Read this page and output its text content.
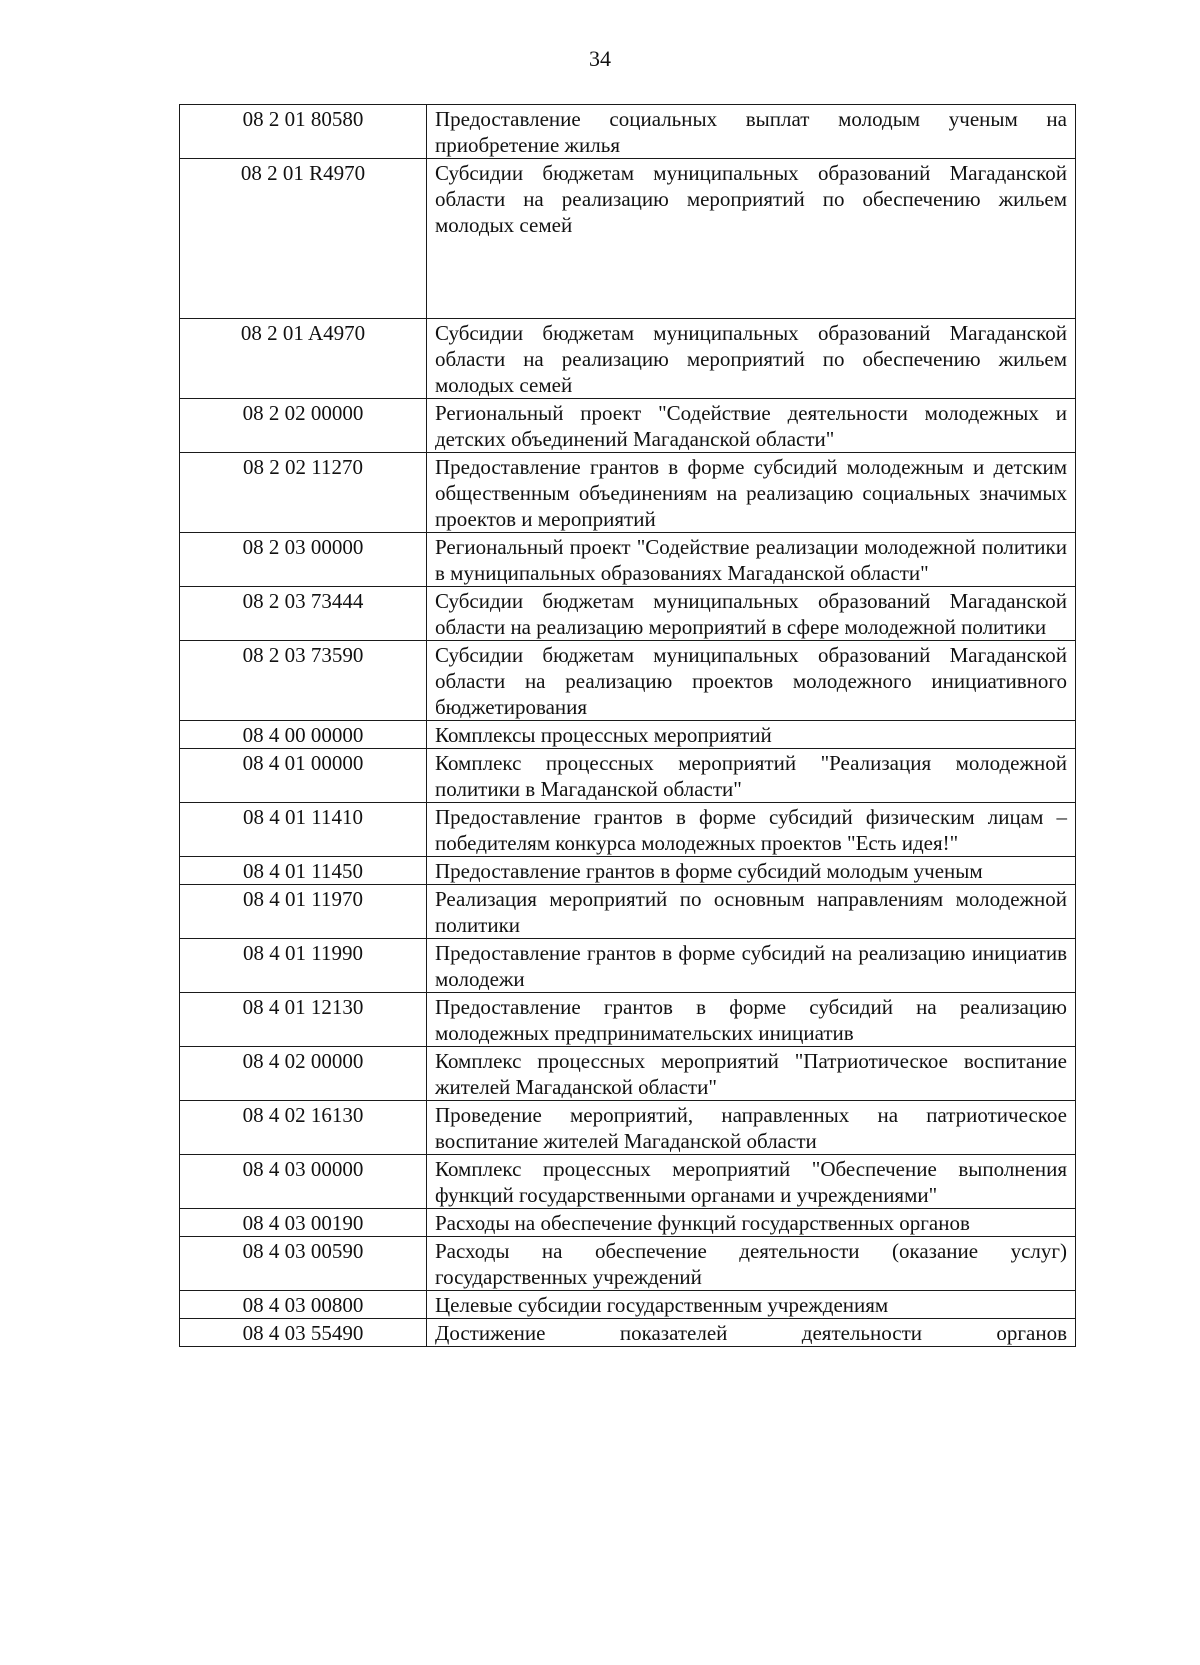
34
08 2 01 80580	Предоставление социальных выплат молодым ученым на приобретение жилья
08 2 01 R4970	Субсидии бюджетам муниципальных образований Магаданской области на реализацию мероприятий по обеспечению жильем молодых семей
08 2 01 A4970	Субсидии бюджетам муниципальных образований Магаданской области на реализацию мероприятий по обеспечению жильем молодых семей
08 2 02 00000	Региональный проект "Содействие деятельности молодежных и детских объединений Магаданской области"
08 2 02 11270	Предоставление грантов в форме субсидий молодежным и детским общественным объединениям на реализацию социальных значимых проектов и мероприятий
08 2 03 00000	Региональный проект "Содействие реализации молодежной политики в муниципальных образованиях Магаданской области"
08 2 03 73444	Субсидии бюджетам муниципальных образований Магаданской области на реализацию мероприятий в сфере молодежной политики
08 2 03 73590	Субсидии бюджетам муниципальных образований Магаданской области на реализацию проектов молодежного инициативного бюджетирования
08 4 00 00000	Комплексы процессных мероприятий
08 4 01 00000	Комплекс процессных мероприятий "Реализация молодежной политики в Магаданской области"
08 4 01 11410	Предоставление грантов в форме субсидий физическим лицам – победителям конкурса молодежных проектов "Есть идея!"
08 4 01 11450	Предоставление грантов в форме субсидий молодым ученым
08 4 01 11970	Реализация мероприятий по основным направлениям молодежной политики
08 4 01 11990	Предоставление грантов в форме субсидий на реализацию инициатив молодежи
08 4 01 12130	Предоставление грантов в форме субсидий на реализацию молодежных предпринимательских инициатив
08 4 02 00000	Комплекс процессных мероприятий "Патриотическое воспитание жителей Магаданской области"
08 4 02 16130	Проведение мероприятий, направленных на патриотическое воспитание жителей Магаданской области
08 4 03 00000	Комплекс процессных мероприятий "Обеспечение выполнения функций государственными органами и учреждениями"
08 4 03 00190	Расходы на обеспечение функций государственных органов
08 4 03 00590	Расходы на обеспечение деятельности (оказание услуг) государственных учреждений
08 4 03 00800	Целевые субсидии государственным учреждениям
08 4 03 55490	Достижение показателей деятельности органов
